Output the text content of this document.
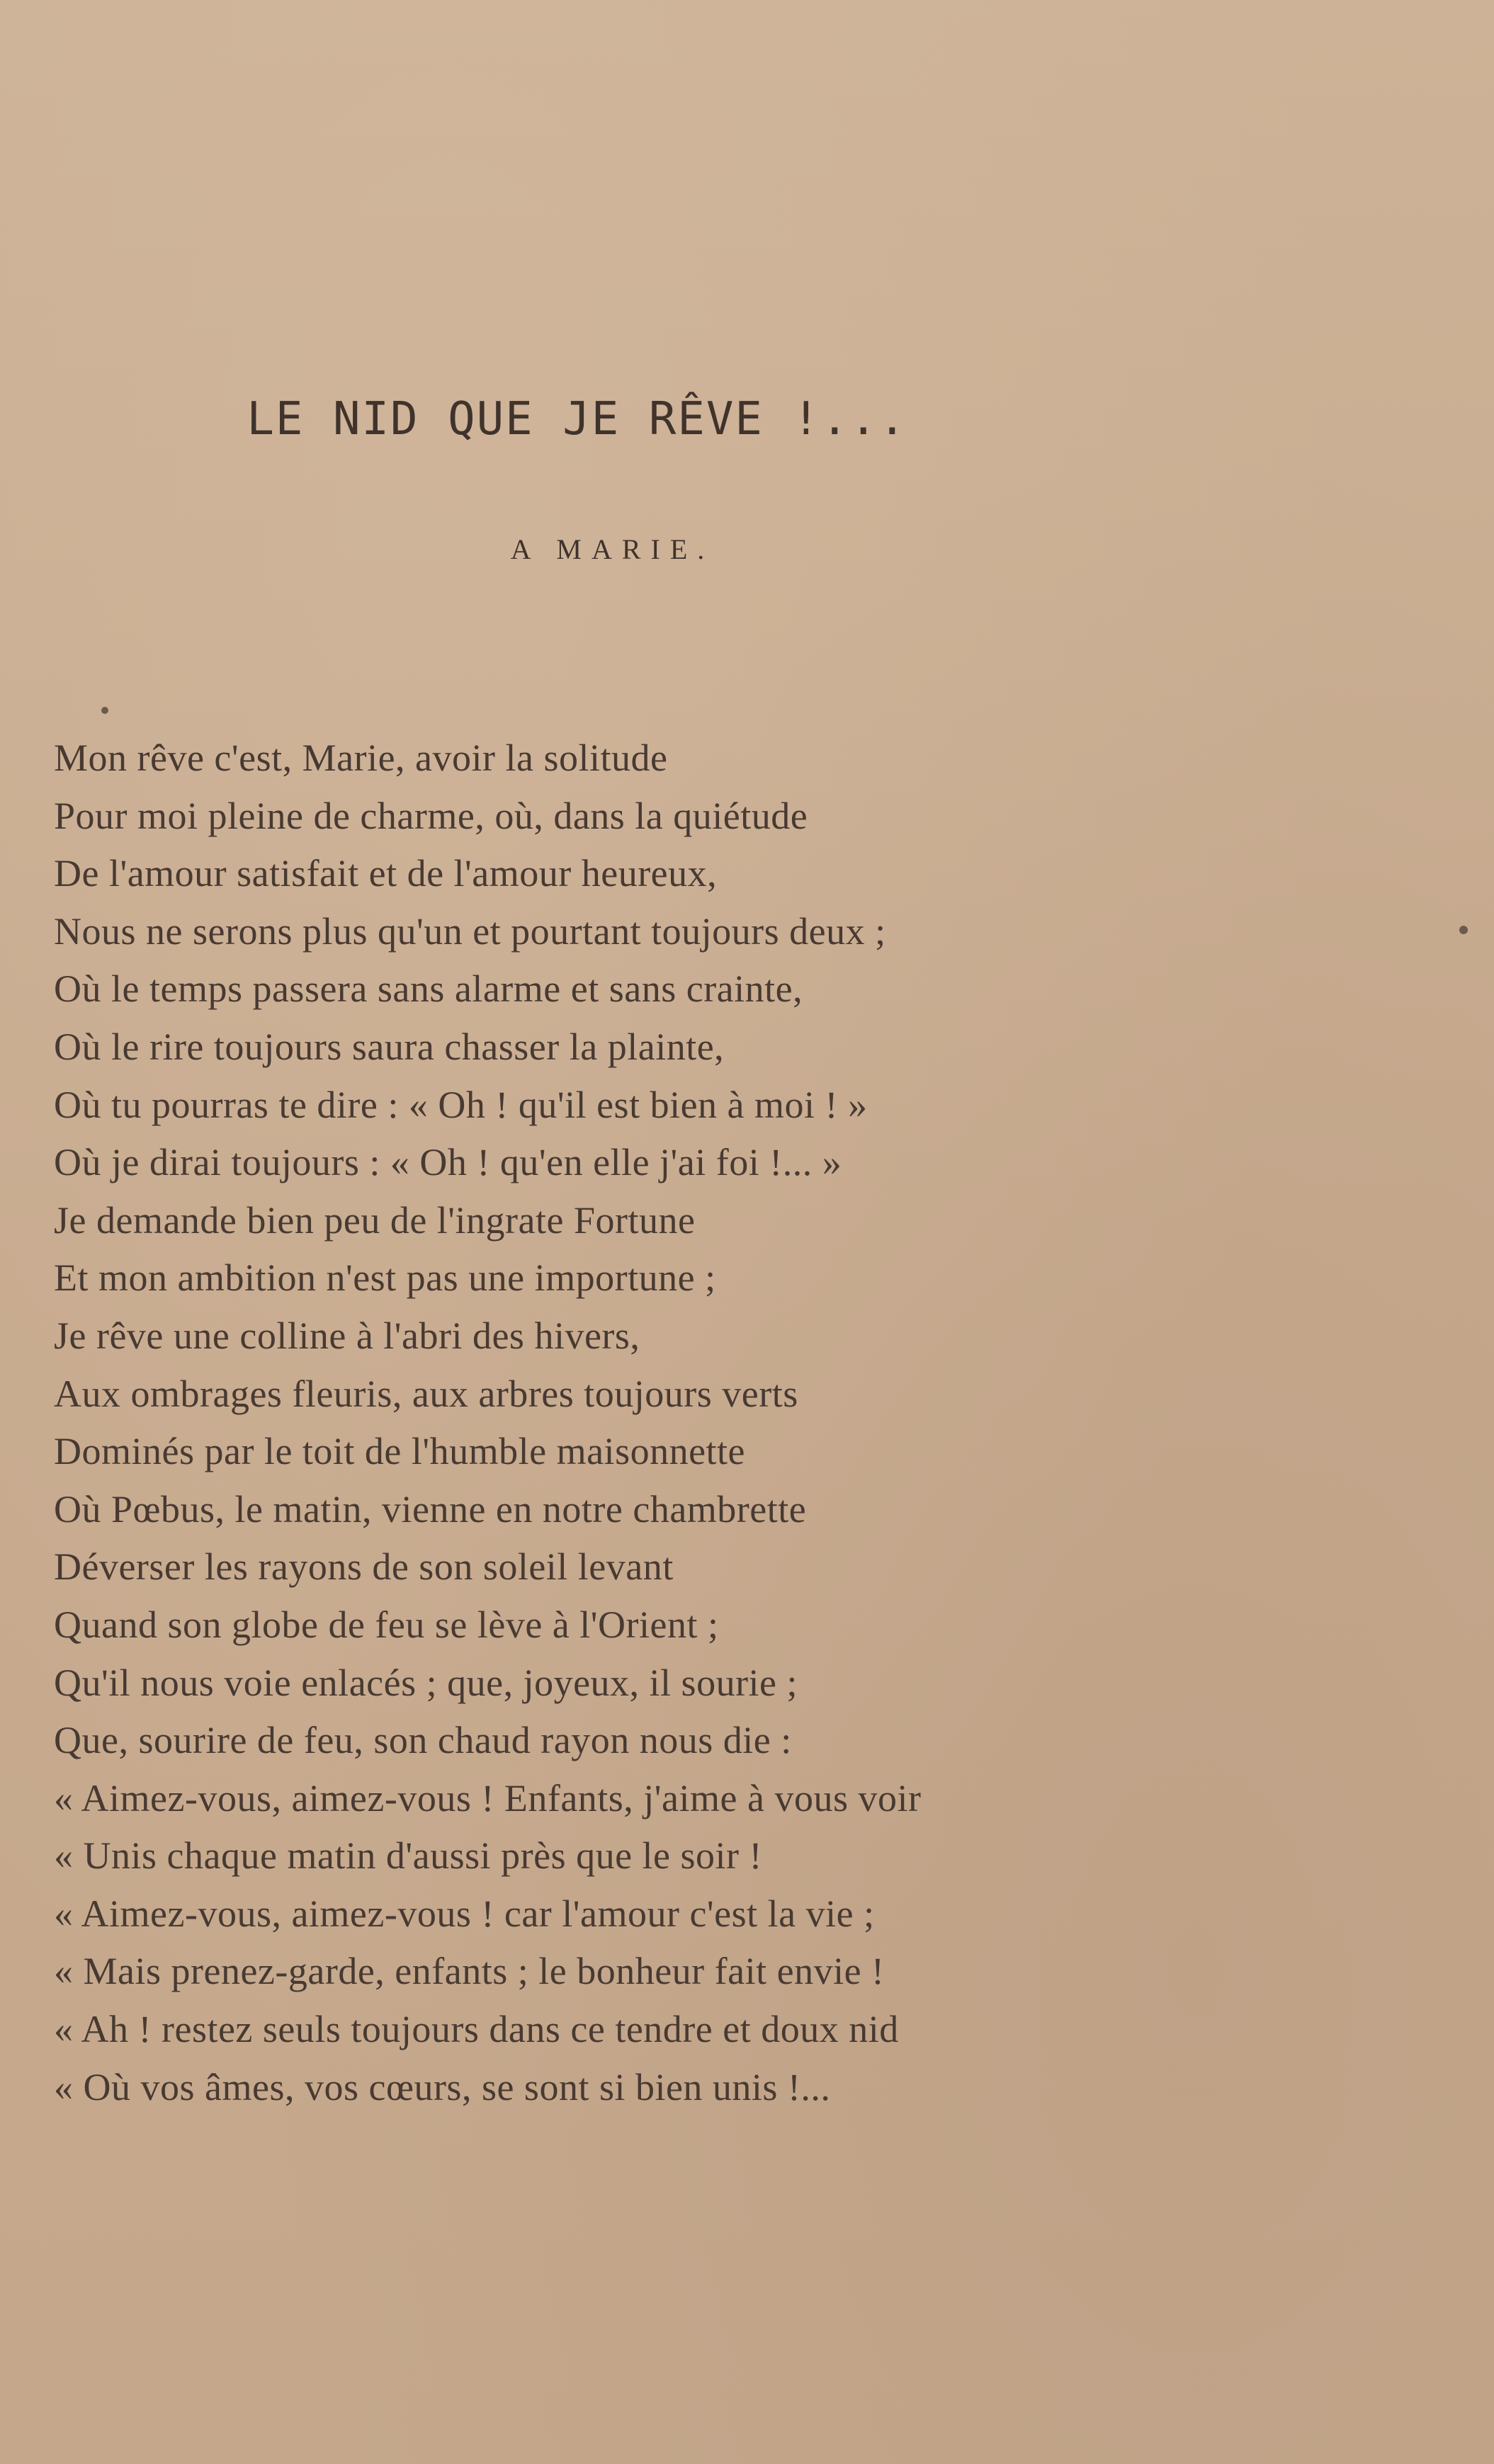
LE NID QUE JE RÊVE !...
A MARIE.
Mon rêve c'est, Marie, avoir la solitude
Pour moi pleine de charme, où, dans la quiétude
De l'amour satisfait et de l'amour heureux,
Nous ne serons plus qu'un et pourtant toujours deux ;
Où le temps passera sans alarme et sans crainte,
Où le rire toujours saura chasser la plainte,
Où tu pourras te dire : « Oh ! qu'il est bien à moi ! »
Où je dirai toujours : « Oh ! qu'en elle j'ai foi !... »
Je demande bien peu de l'ingrate Fortune
Et mon ambition n'est pas une importune ;
Je rêve une colline à l'abri des hivers,
Aux ombrages fleuris, aux arbres toujours verts
Dominés par le toit de l'humble maisonnette
Où Pœbus, le matin, vienne en notre chambrette
Déverser les rayons de son soleil levant
Quand son globe de feu se lève à l'Orient ;
Qu'il nous voie enlacés ; que, joyeux, il sourie ;
Que, sourire de feu, son chaud rayon nous die :
« Aimez-vous, aimez-vous ! Enfants, j'aime à vous voir
« Unis chaque matin d'aussi près que le soir !
« Aimez-vous, aimez-vous ! car l'amour c'est la vie ;
« Mais prenez-garde, enfants ; le bonheur fait envie !
« Ah ! restez seuls toujours dans ce tendre et doux nid
« Où vos âmes, vos cœurs, se sont si bien unis !...
